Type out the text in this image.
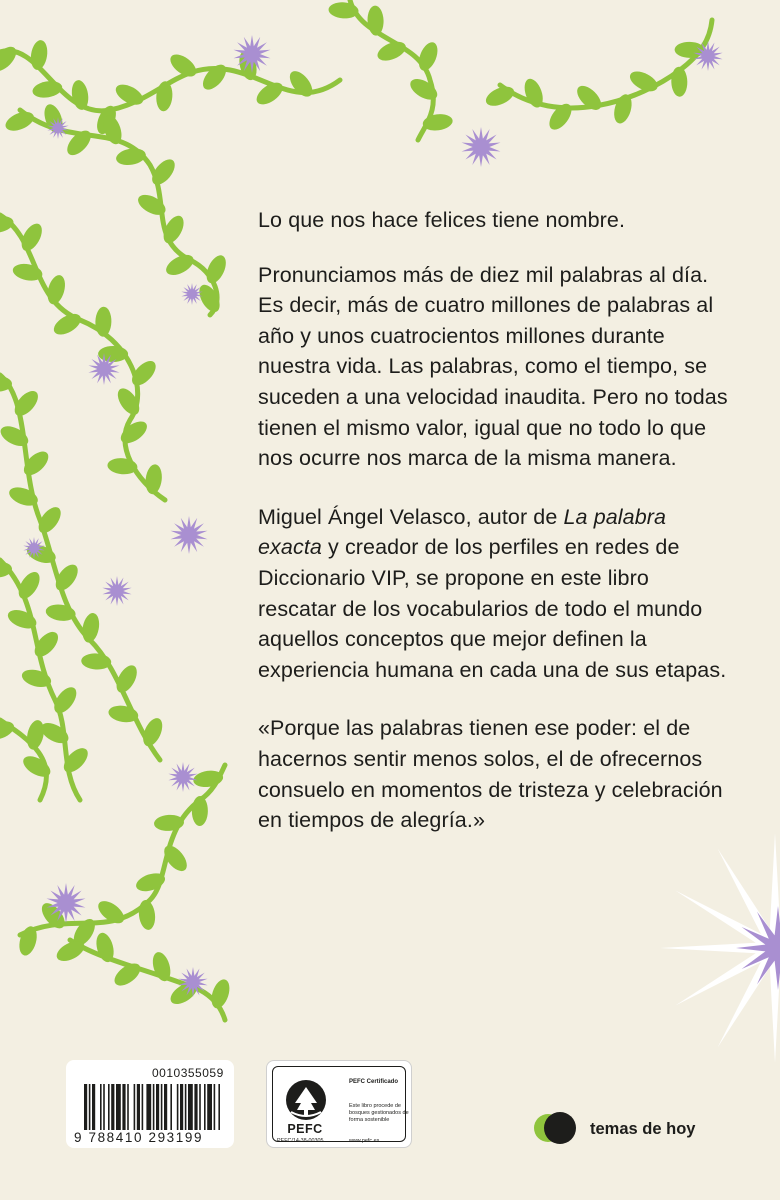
Lo que nos hace felices tiene nombre.

Pronunciamos más de diez mil palabras al día. Es decir, más de cuatro millones de palabras al año y unos cuatrocientos millones durante nuestra vida. Las palabras, como el tiempo, se suceden a una velocidad inaudita. Pero no todas tienen el mismo valor, igual que no todo lo que nos ocurre nos marca de la misma manera.

Miguel Ángel Velasco, autor de La palabra exacta y creador de los perfiles en redes de Diccionario VIP, se propone en este libro rescatar de los vocabularios de todo el mundo aquellos conceptos que mejor definen la experiencia humana en cada una de sus etapas.

«Porque las palabras tienen ese poder: el de hacernos sentir menos solos, el de ofrecernos consuelo en momentos de tristeza y celebración en tiempos de alegría.»

0010355059
9 788410 293199
PEFC
PEFC/14-38-00305
PEFC Certificado
Este libro procede de bosques gestionados de forma sostenible
www.pefc.es
temas de hoy
